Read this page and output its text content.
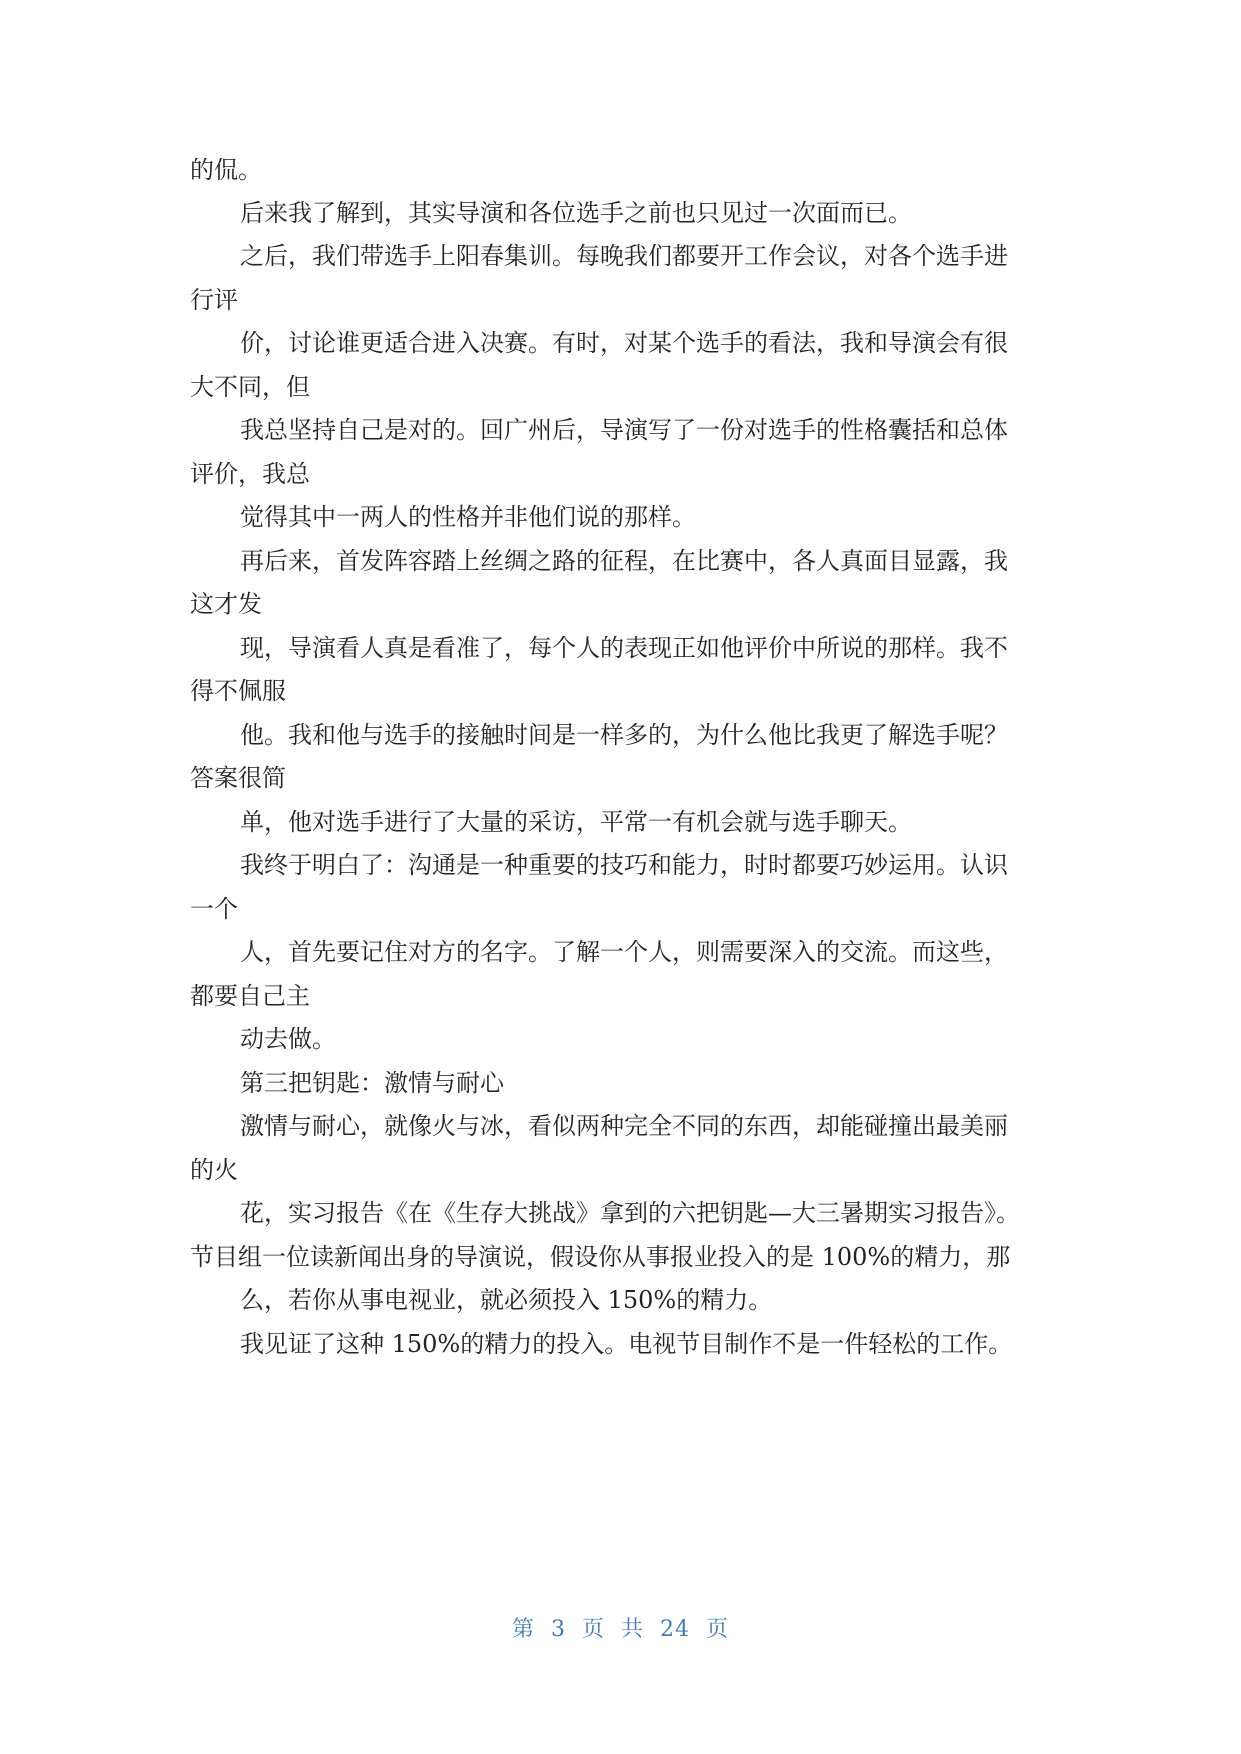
的侃。
后来我了解到，其实导演和各位选手之前也只见过一次面而已。
之后，我们带选手上阳春集训。每晚我们都要开工作会议，对各个选手进
行评
价，讨论谁更适合进入决赛。有时，对某个选手的看法，我和导演会有很
大不同，但
我总坚持自己是对的。回广州后，导演写了一份对选手的性格囊括和总体
评价，我总
觉得其中一两人的性格并非他们说的那样。
再后来，首发阵容踏上丝绸之路的征程，在比赛中，各人真面目显露，我
这才发
现，导演看人真是看准了，每个人的表现正如他评价中所说的那样。我不
得不佩服
他。我和他与选手的接触时间是一样多的，为什么他比我更了解选手呢？
答案很简
单，他对选手进行了大量的采访，平常一有机会就与选手聊天。
我终于明白了：沟通是一种重要的技巧和能力，时时都要巧妙运用。认识
一个
人，首先要记住对方的名字。了解一个人，则需要深入的交流。而这些，
都要自己主
动去做。
第三把钥匙：激情与耐心
激情与耐心，就像火与冰，看似两种完全不同的东西，却能碰撞出最美丽
的火
花，实习报告《在《生存大挑战》拿到的六把钥匙—大三暑期实习报告》。
节目组一位读新闻出身的导演说，假设你从事报业投入的是 100%的精力，那
么，若你从事电视业，就必须投入 150%的精力。
我见证了这种 150%的精力的投入。电视节目制作不是一件轻松的工作。
第 3 页 共 24 页
